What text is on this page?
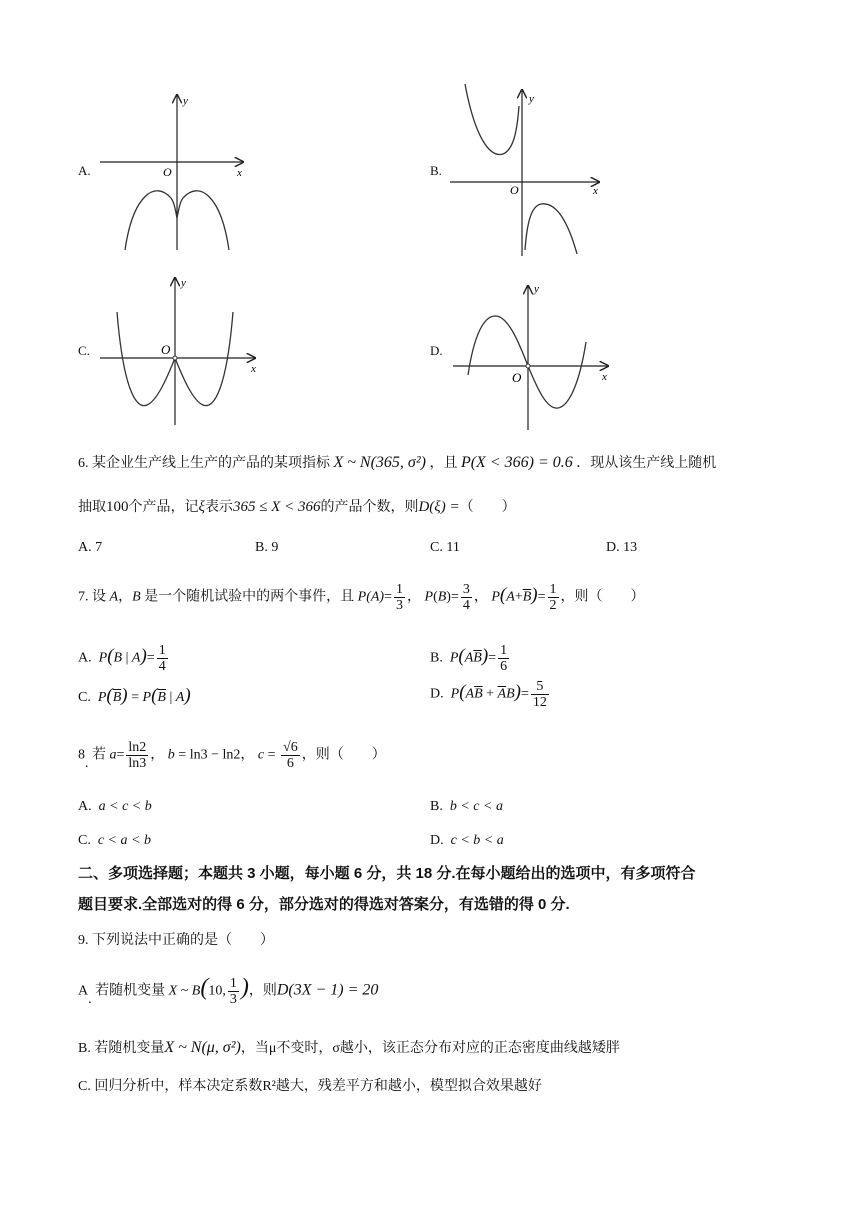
A.	O	x
y
B.
O	x
y
C.	O
x
y
D.
O	x
y
6. 某企业生产线上生产的产品的某项指标 X ~ N(365, σ²) ，且 P(X < 366) = 0.6 ．现从该生产线上随机
抽取100个产品，记ξ表示365 ≤ X < 366的产品个数，则D(ξ) =（　　）
A. 7	B. 9	C. 11	D. 13
7. 设 A，B 是一个随机试验中的两个事件，且 $P(A)= \frac{1}{3}$ ， $P(B)= \frac{3}{4}$ ， $P(A+\overline{B})= \frac{1}{2}$ ，则（　　）
A. P(B | $A)= \frac{1}{4}$	B. $P(A\overline{B})= \frac{1}{6}$
C. $P(\overline{B}) = P(\overline{B}$ | A)	D. $P(A\overline{B} + \overline{A}B)= \frac{5}{12}$
8. 若 $a= \frac{\ln 2}{\ln 3}$ ， b = ln3 − ln2， $c = \frac{√6}{6}$ ，则（　　）
A. a < c < b	B. b < c < a
C. c < a < b	D. c < b < a
二、多项选择题；本题共 3 小题，每小题 6 分，共 18 分.在每小题给出的选项中，有多项符合
题目要求.全部选对的得 6 分，部分选对的得选对答案分，有选错的得 0 分.
9. 下列说法中正确的是（　　）
A. 若随机变量 X ~ B(10, $\frac{1}{3}$ )，则D(3X − 1) = 20
B. 若随机变量X ~ N(μ, σ²)，当μ不变时，σ越小，该正态分布对应的正态密度曲线越矮胖
C. 回归分析中，样本决定系数R²越大，残差平方和越小，模型拟合效果越好
